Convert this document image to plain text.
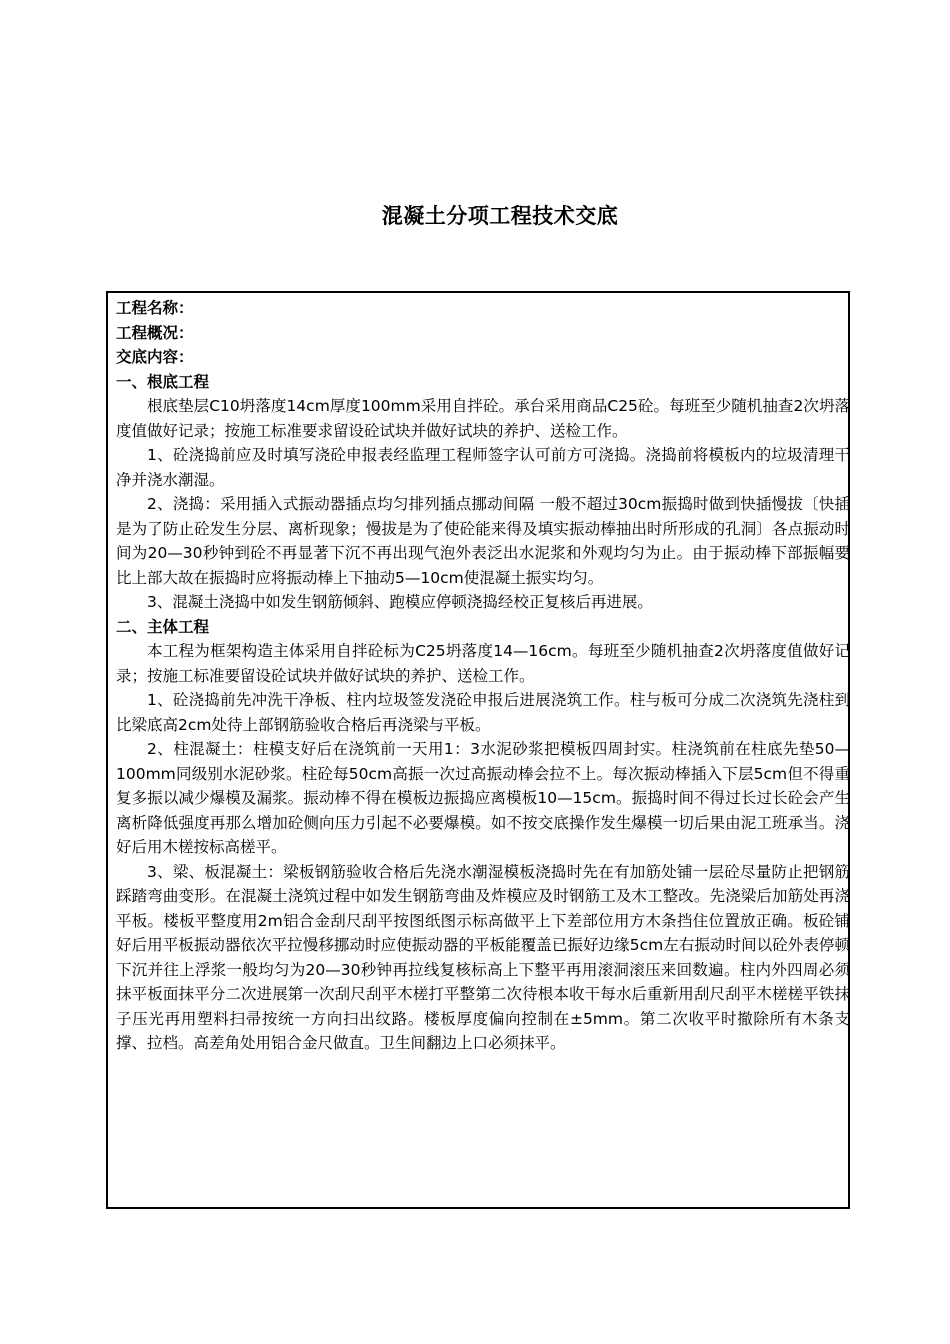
混凝土分项工程技术交底

工程名称：

工程概况：

交底内容：

一、根底工程

根底垫层C10坍落度14cm厚度100mm采用自拌砼。承台采用商品C25砼。每班至少随机抽查2次坍落度值做好记录；按施工标准要求留设砼试块并做好试块的养护、送检工作。

1、砼浇捣前应及时填写浇砼申报表经监理工程师签字认可前方可浇捣。浇捣前将模板内的垃圾清理干净并浇水潮湿。

2、浇捣：采用插入式振动器插点均匀排列插点挪动间隔 一般不超过30cm振捣时做到快插慢拔〔快插是为了防止砼发生分层、离析现象；慢拔是为了使砼能来得及填实振动棒抽出时所形成的孔洞〕各点振动时间为20—30秒钟到砼不再显著下沉不再出现气泡外表泛出水泥浆和外观均匀为止。由于振动棒下部振幅要比上部大故在振捣时应将振动棒上下抽动5—10cm使混凝土振实均匀。

3、混凝土浇捣中如发生钢筋倾斜、跑模应停顿浇捣经校正复核后再进展。

二、主体工程

本工程为框架构造主体采用自拌砼标为C25坍落度14—16cm。每班至少随机抽查2次坍落度值做好记录；按施工标准要留设砼试块并做好试块的养护、送检工作。

1、砼浇捣前先冲洗干净板、柱内垃圾签发浇砼申报后进展浇筑工作。柱与板可分成二次浇筑先浇柱到比梁底高2cm处待上部钢筋验收合格后再浇梁与平板。

2、柱混凝土：柱模支好后在浇筑前一天用1：3水泥砂浆把模板四周封实。柱浇筑前在柱底先垫50—100mm同级别水泥砂浆。柱砼每50cm高振一次过高振动棒会拉不上。每次振动棒插入下层5cm但不得重复多振以减少爆模及漏浆。振动棒不得在模板边振捣应离模板10—15cm。振捣时间不得过长过长砼会产生离析降低强度再那么增加砼侧向压力引起不必要爆模。如不按交底操作发生爆模一切后果由泥工班承当。浇好后用木槎按标高槎平。

3、梁、板混凝土：梁板钢筋验收合格后先浇水潮湿模板浇捣时先在有加筋处铺一层砼尽量防止把钢筋踩踏弯曲变形。在混凝土浇筑过程中如发生钢筋弯曲及炸模应及时钢筋工及木工整改。先浇梁后加筋处再浇平板。楼板平整度用2m铝合金刮尺刮平按图纸图示标高做平上下差部位用方木条挡住位置放正确。板砼铺好后用平板振动器依次平拉慢移挪动时应使振动器的平板能覆盖已振好边缘5cm左右振动时间以砼外表停顿下沉并往上浮浆一般均匀为20—30秒钟再拉线复核标高上下整平再用滚洞滚压来回数遍。柱内外四周必须抹平板面抹平分二次进展第一次刮尺刮平木槎打平整第二次待根本收干每水后重新用刮尺刮平木槎槎平铁抹子压光再用塑料扫帚按统一方向扫出纹路。楼板厚度偏向控制在±5mm。第二次收平时撤除所有木条支撑、拉档。高差角处用铝合金尺做直。卫生间翻边上口必须抹平。
